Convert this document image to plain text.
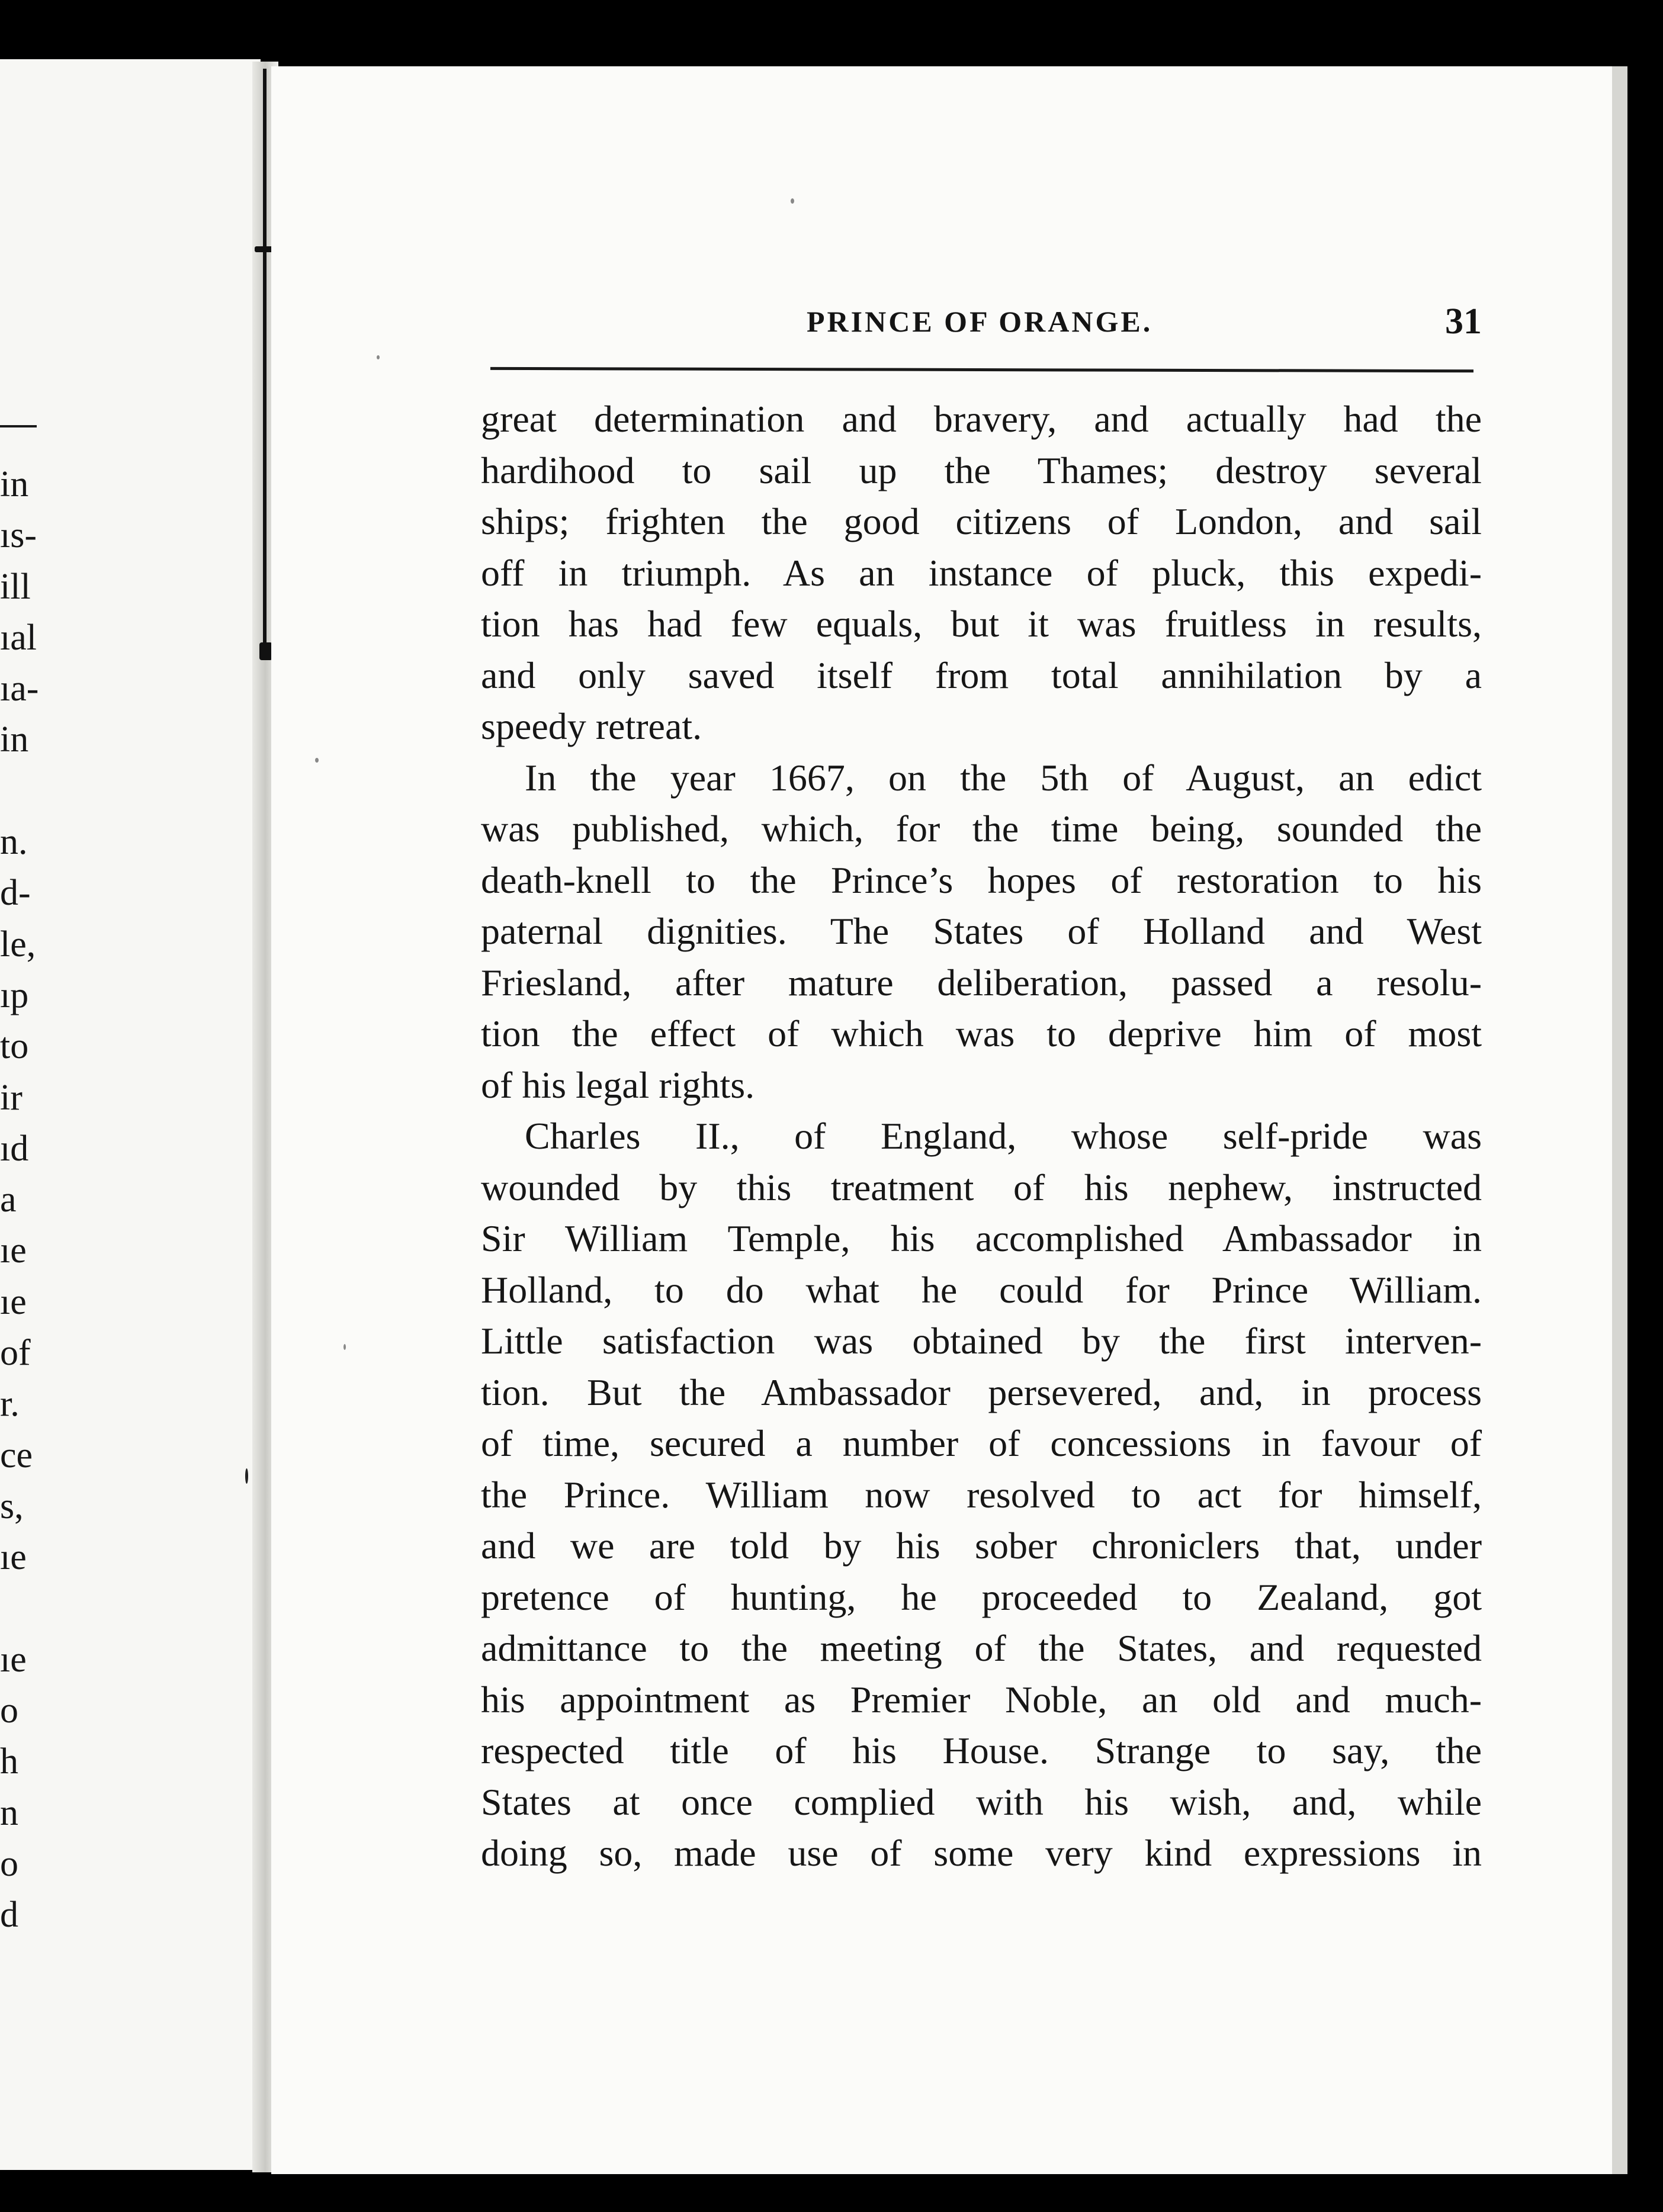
in
ıs-
ill
ıal
ıa-
in
n.
d-
le,
ıp
to
ir
ıd
a
ıe
ıe
of
r.
ce
s,
ıe
ıe
o
h
n
o
d
PRINCE OF ORANGE.	31
great determination and bravery, and actually had the
hardihood to sail up the Thames; destroy several
ships; frighten the good citizens of London, and sail
off in triumph. As an instance of pluck, this expedi-
tion has had few equals, but it was fruitless in results,
and only saved itself from total annihilation by a
speedy retreat.
In the year 1667, on the 5th of August, an edict
was published, which, for the time being, sounded the
death-knell to the Prince’s hopes of restoration to his
paternal dignities. The States of Holland and West
Friesland, after mature deliberation, passed a resolu-
tion the effect of which was to deprive him of most
of his legal rights.
Charles II., of England, whose self-pride was
wounded by this treatment of his nephew, instructed
Sir William Temple, his accomplished Ambassador in
Holland, to do what he could for Prince William.
Little satisfaction was obtained by the first interven-
tion. But the Ambassador persevered, and, in process
of time, secured a number of concessions in favour of
the Prince. William now resolved to act for himself,
and we are told by his sober chroniclers that, under
pretence of hunting, he proceeded to Zealand, got
admittance to the meeting of the States, and requested
his appointment as Premier Noble, an old and much-
respected title of his House. Strange to say, the
States at once complied with his wish, and, while
doing so, made use of some very kind expressions in
